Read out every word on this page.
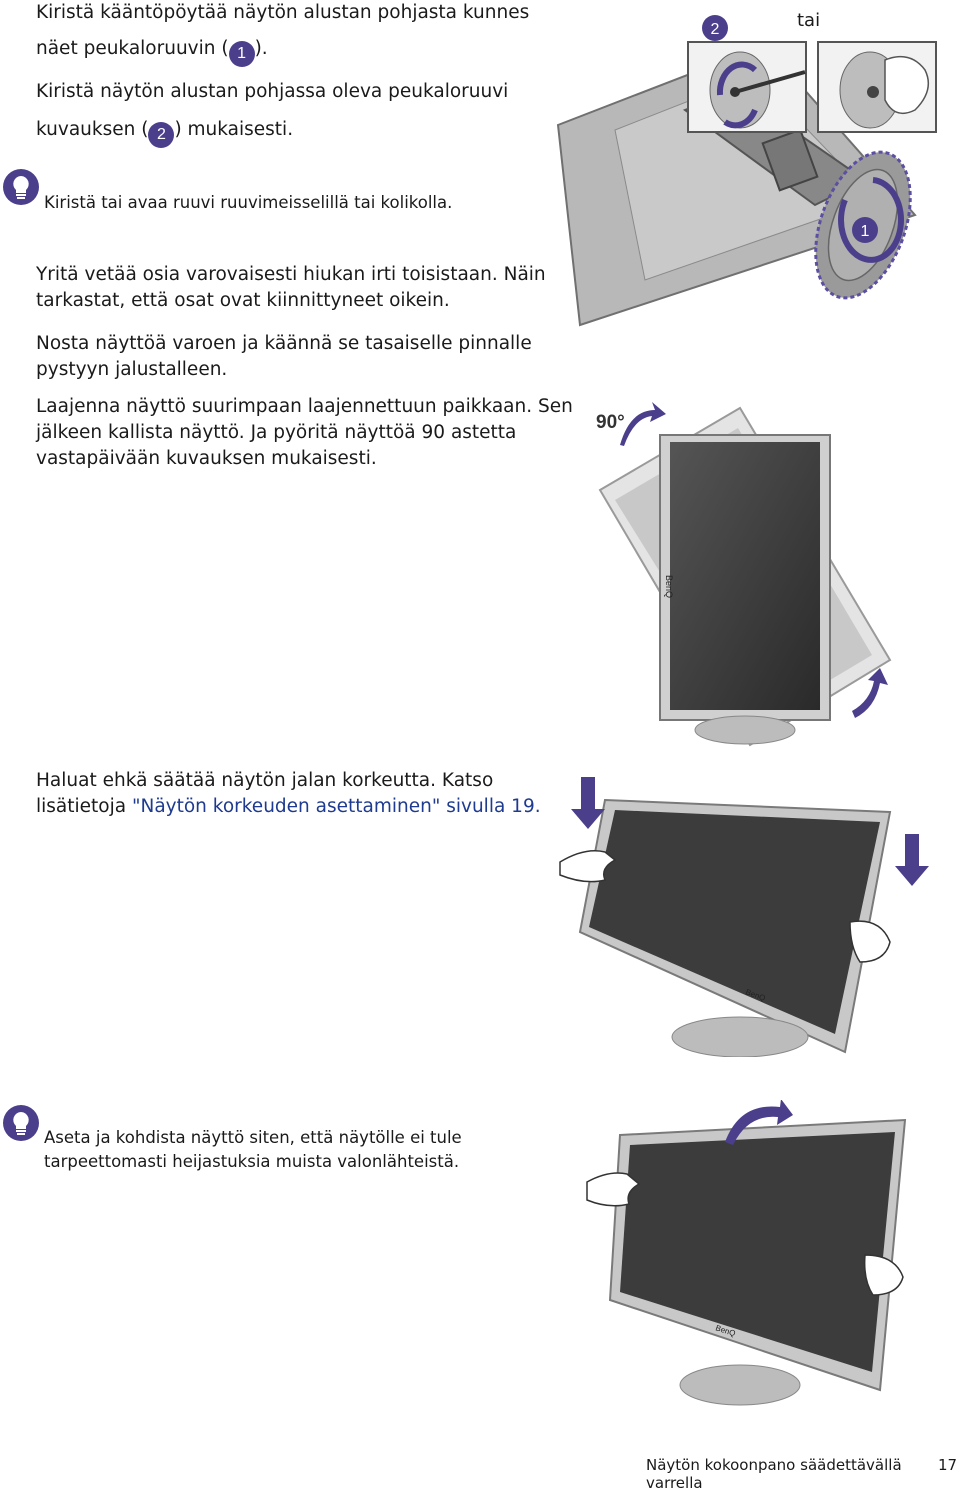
Kiristä kääntöpöytää näytön alustan pohjasta kunnes
näet peukaloruuvin ( 1 ).
Kiristä näytön alustan pohjassa oleva peukaloruuvi
kuvauksen ( 2 ) mukaisesti.
Kiristä tai avaa ruuvi ruuvimeisselillä tai kolikolla.
Yritä vetää osia varovaisesti hiukan irti toisistaan. Näin
tarkastat, että osat ovat kiinnittyneet oikein.
Nosta näyttöä varoen ja käännä se tasaiselle pinnalle
pystyyn jalustalleen.
Laajenna näyttö suurimpaan laajennettuun paikkaan. Sen
jälkeen kallista näyttö. Ja pyöritä näyttöä 90 astetta
vastapäivään kuvauksen mukaisesti.
Haluat ehkä säätää näytön jalan korkeutta. Katso
lisätietoja "Näytön korkeuden asettaminen" sivulla 19.
Aseta ja kohdista näyttö siten, että näytölle ei tule
tarpeettomasti heijastuksia muista valonlähteistä.
1
2	tai
BenQ
90°
BenQ
BenQ
Näytön kokoonpano säädettävällä varrella
17
